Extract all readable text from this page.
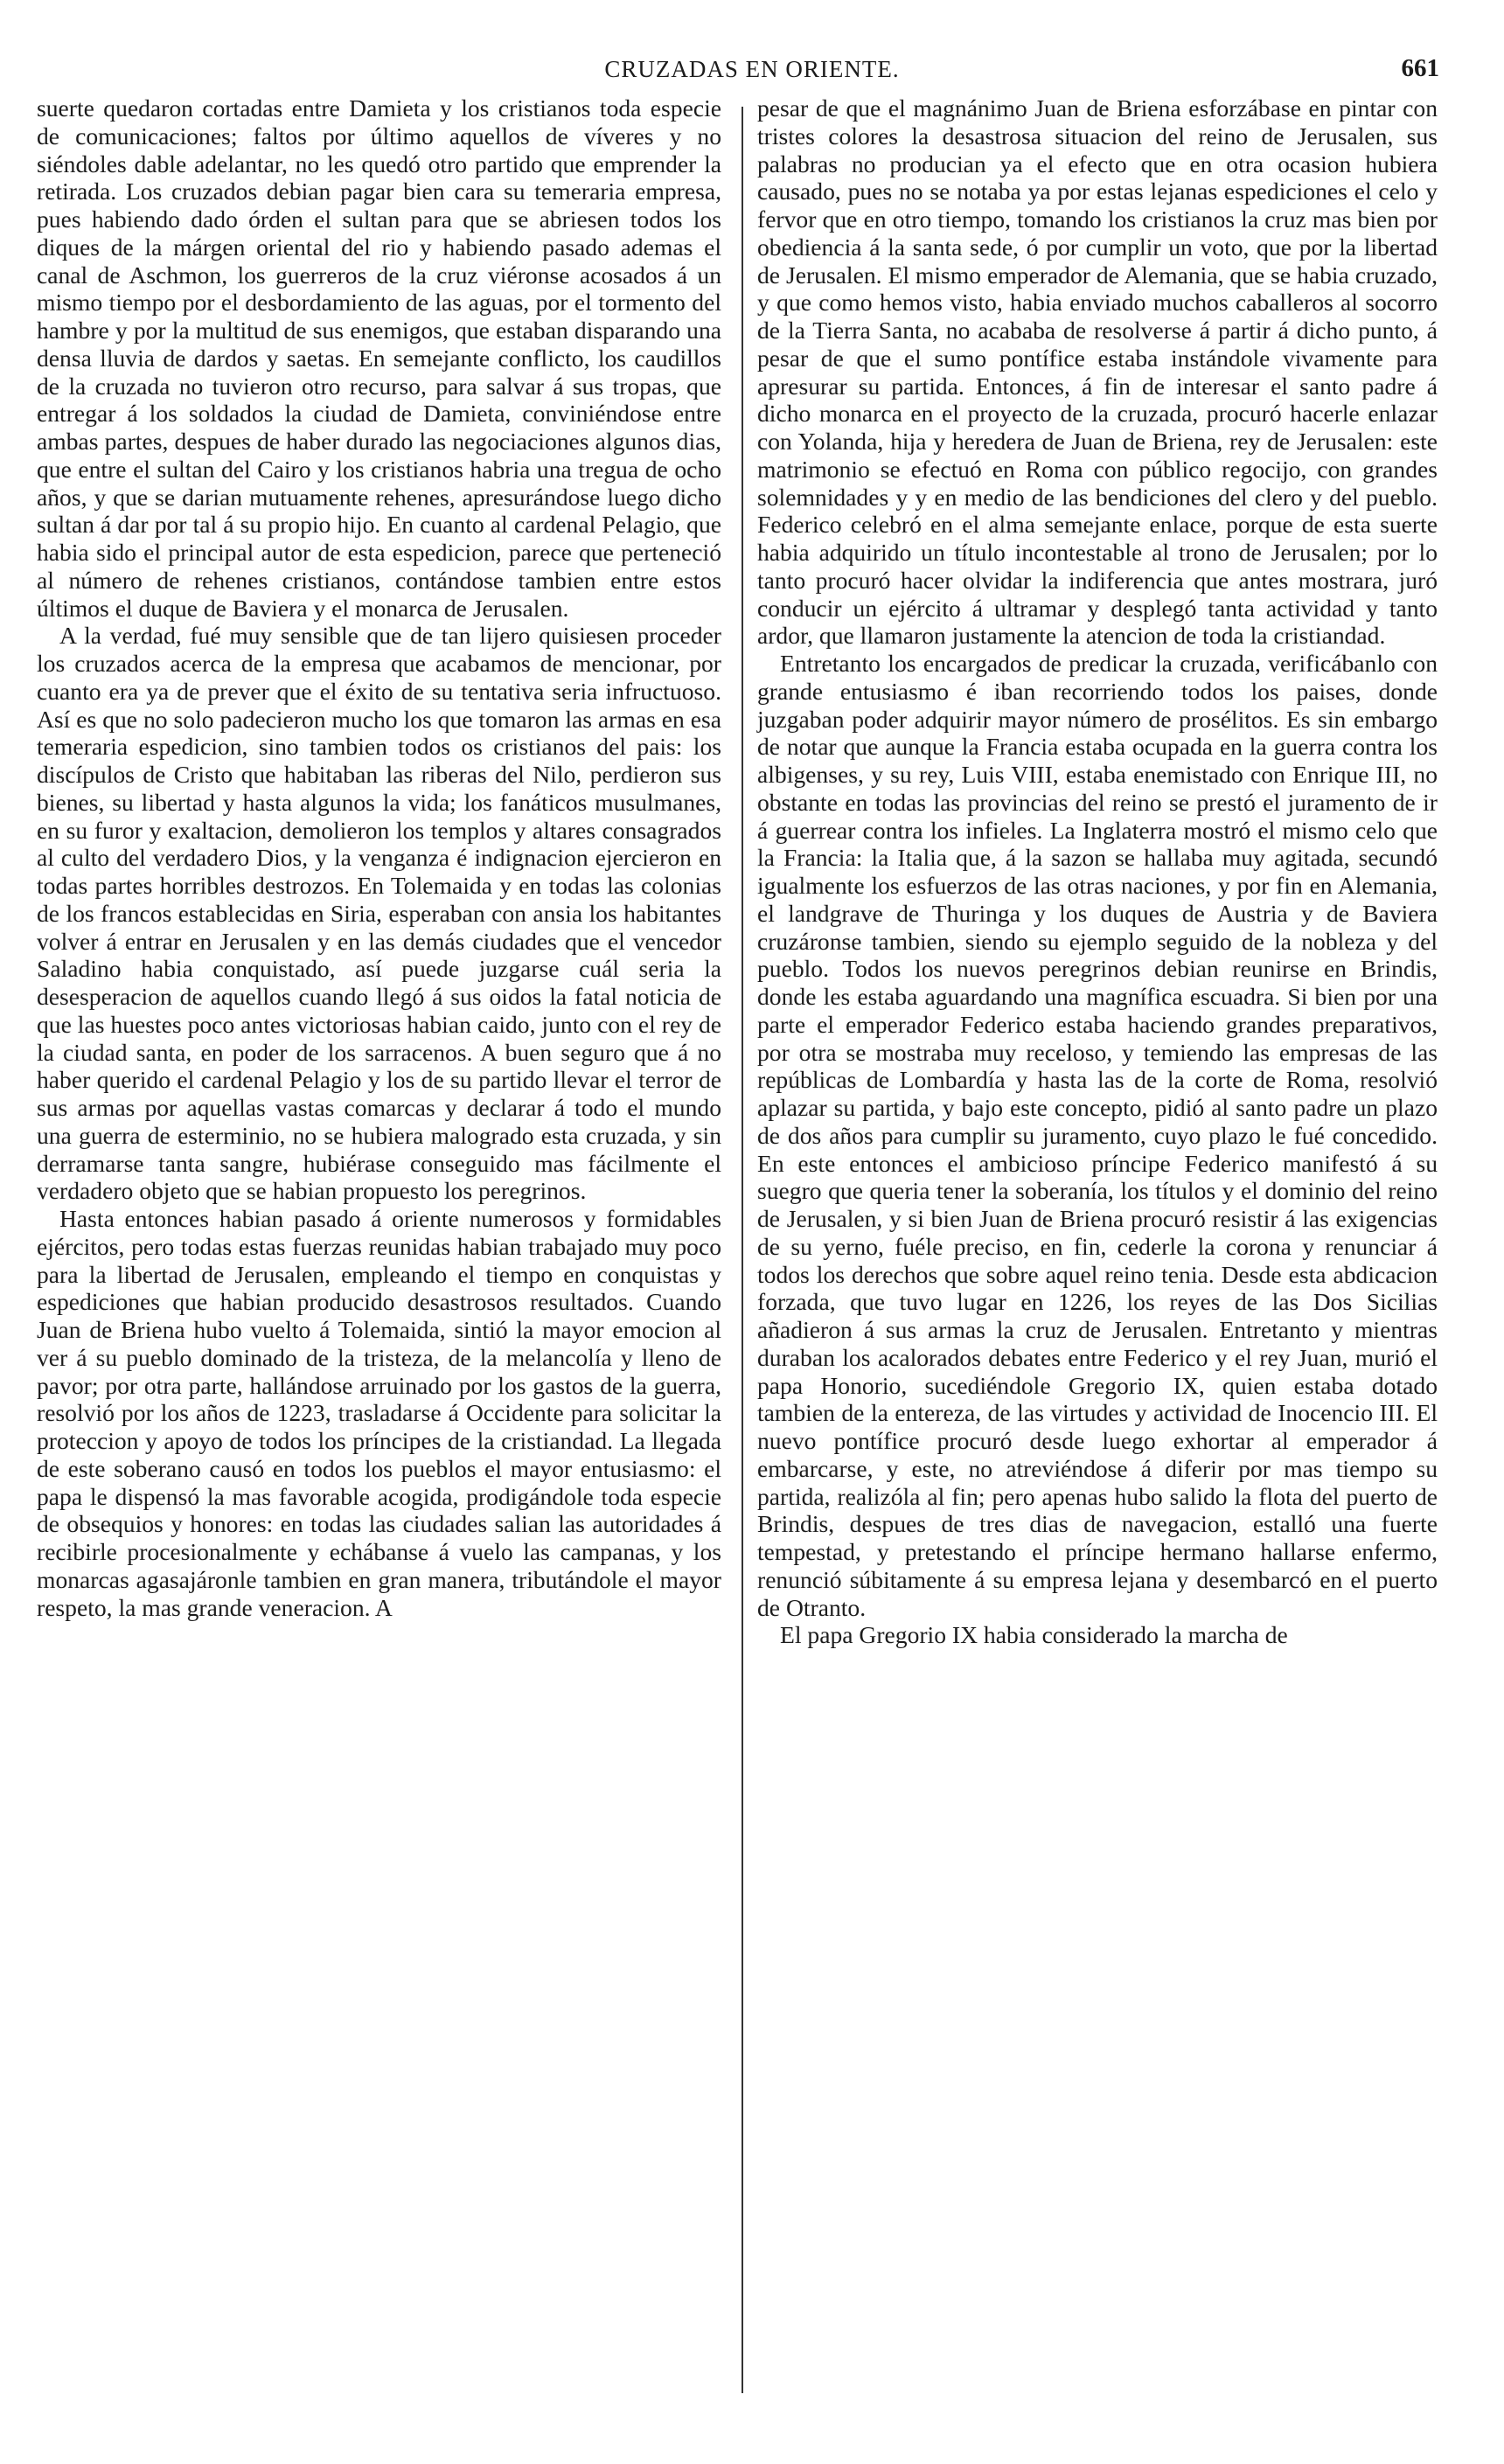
CRUZADAS EN ORIENTE.	661

suerte quedaron cortadas entre Damieta y los cristianos toda especie de comunicaciones; faltos por último aquellos de víveres y no siéndoles dable adelantar, no les quedó otro partido que emprender la retirada. Los cruzados debian pagar bien cara su temeraria empresa, pues habiendo dado órden el sultan para que se abriesen todos los diques de la márgen oriental del rio y habiendo pasado ademas el canal de Aschmon, los guerreros de la cruz viéronse acosados á un mismo tiempo por el desbordamiento de las aguas, por el tormento del hambre y por la multitud de sus enemigos, que estaban disparando una densa lluvia de dardos y saetas. En semejante conflicto, los caudillos de la cruzada no tuvieron otro recurso, para salvar á sus tropas, que entregar á los soldados la ciudad de Damieta, conviniéndose entre ambas partes, despues de haber durado las negociaciones algunos dias, que entre el sultan del Cairo y los cristianos habria una tregua de ocho años, y que se darian mutuamente rehenes, apresurándose luego dicho sultan á dar por tal á su propio hijo. En cuanto al cardenal Pelagio, que habia sido el principal autor de esta espedicion, parece que perteneció al número de rehenes cristianos, contándose tambien entre estos últimos el duque de Baviera y el monarca de Jerusalen.

A la verdad, fué muy sensible que de tan lijero quisiesen proceder los cruzados acerca de la empresa que acabamos de mencionar, por cuanto era ya de prever que el éxito de su tentativa seria infructuoso. Así es que no solo padecieron mucho los que tomaron las armas en esa temeraria espedicion, sino tambien todos os cristianos del pais: los discípulos de Cristo que habitaban las riberas del Nilo, perdieron sus bienes, su libertad y hasta algunos la vida; los fanáticos musulmanes, en su furor y exaltacion, demolieron los templos y altares consagrados al culto del verdadero Dios, y la venganza é indignacion ejercieron en todas partes horribles destrozos. En Tolemaida y en todas las colonias de los francos establecidas en Siria, esperaban con ansia los habitantes volver á entrar en Jerusalen y en las demás ciudades que el vencedor Saladino habia conquistado, así puede juzgarse cuál seria la desesperacion de aquellos cuando llegó á sus oidos la fatal noticia de que las huestes poco antes victoriosas habian caido, junto con el rey de la ciudad santa, en poder de los sarracenos. A buen seguro que á no haber querido el cardenal Pelagio y los de su partido llevar el terror de sus armas por aquellas vastas comarcas y declarar á todo el mundo una guerra de esterminio, no se hubiera malogrado esta cruzada, y sin derramarse tanta sangre, hubiérase conseguido mas fácilmente el verdadero objeto que se habian propuesto los peregrinos.

Hasta entonces habian pasado á oriente numerosos y formidables ejércitos, pero todas estas fuerzas reunidas habian trabajado muy poco para la libertad de Jerusalen, empleando el tiempo en conquistas y espediciones que habian producido desastrosos resultados. Cuando Juan de Briena hubo vuelto á Tolemaida, sintió la mayor emocion al ver á su pueblo dominado de la tristeza, de la melancolía y lleno de pavor; por otra parte, hallándose arruinado por los gastos de la guerra, resolvió por los años de 1223, trasladarse á Occidente para solicitar la proteccion y apoyo de todos los príncipes de la cristiandad. La llegada de este soberano causó en todos los pueblos el mayor entusiasmo: el papa le dispensó la mas favorable acogida, prodigándole toda especie de obsequios y honores: en todas las ciudades salian las autoridades á recibirle procesionalmente y echábanse á vuelo las campanas, y los monarcas agasajáronle tambien en gran manera, tributándole el mayor respeto, la mas grande veneracion. A

pesar de que el magnánimo Juan de Briena esforzábase en pintar con tristes colores la desastrosa situacion del reino de Jerusalen, sus palabras no producian ya el efecto que en otra ocasion hubiera causado, pues no se notaba ya por estas lejanas espediciones el celo y fervor que en otro tiempo, tomando los cristianos la cruz mas bien por obediencia á la santa sede, ó por cumplir un voto, que por la libertad de Jerusalen. El mismo emperador de Alemania, que se habia cruzado, y que como hemos visto, habia enviado muchos caballeros al socorro de la Tierra Santa, no acababa de resolverse á partir á dicho punto, á pesar de que el sumo pontífice estaba instándole vivamente para apresurar su partida. Entonces, á fin de interesar el santo padre á dicho monarca en el proyecto de la cruzada, procuró hacerle enlazar con Yolanda, hija y heredera de Juan de Briena, rey de Jerusalen: este matrimonio se efectuó en Roma con público regocijo, con grandes solemnidades y y en medio de las bendiciones del clero y del pueblo. Federico celebró en el alma semejante enlace, porque de esta suerte habia adquirido un título incontestable al trono de Jerusalen; por lo tanto procuró hacer olvidar la indiferencia que antes mostrara, juró conducir un ejército á ultramar y desplegó tanta actividad y tanto ardor, que llamaron justamente la atencion de toda la cristiandad.

Entretanto los encargados de predicar la cruzada, verificábanlo con grande entusiasmo é iban recorriendo todos los paises, donde juzgaban poder adquirir mayor número de prosélitos. Es sin embargo de notar que aunque la Francia estaba ocupada en la guerra contra los albigenses, y su rey, Luis VIII, estaba enemistado con Enrique III, no obstante en todas las provincias del reino se prestó el juramento de ir á guerrear contra los infieles. La Inglaterra mostró el mismo celo que la Francia: la Italia que, á la sazon se hallaba muy agitada, secundó igualmente los esfuerzos de las otras naciones, y por fin en Alemania, el landgrave de Thuringa y los duques de Austria y de Baviera cruzáronse tambien, siendo su ejemplo seguido de la nobleza y del pueblo. Todos los nuevos peregrinos debian reunirse en Brindis, donde les estaba aguardando una magnífica escuadra. Si bien por una parte el emperador Federico estaba haciendo grandes preparativos, por otra se mostraba muy receloso, y temiendo las empresas de las repúblicas de Lombardía y hasta las de la corte de Roma, resolvió aplazar su partida, y bajo este concepto, pidió al santo padre un plazo de dos años para cumplir su juramento, cuyo plazo le fué concedido. En este entonces el ambicioso príncipe Federico manifestó á su suegro que queria tener la soberanía, los títulos y el dominio del reino de Jerusalen, y si bien Juan de Briena procuró resistir á las exigencias de su yerno, fuéle preciso, en fin, cederle la corona y renunciar á todos los derechos que sobre aquel reino tenia. Desde esta abdicacion forzada, que tuvo lugar en 1226, los reyes de las Dos Sicilias añadieron á sus armas la cruz de Jerusalen. Entretanto y mientras duraban los acalorados debates entre Federico y el rey Juan, murió el papa Honorio, sucediéndole Gregorio IX, quien estaba dotado tambien de la entereza, de las virtudes y actividad de Inocencio III. El nuevo pontífice procuró desde luego exhortar al emperador á embarcarse, y este, no atreviéndose á diferir por mas tiempo su partida, realizóla al fin; pero apenas hubo salido la flota del puerto de Brindis, despues de tres dias de navegacion, estalló una fuerte tempestad, y pretestando el príncipe hermano hallarse enfermo, renunció súbitamente á su empresa lejana y desembarcó en el puerto de Otranto.

El papa Gregorio IX habia considerado la marcha de
